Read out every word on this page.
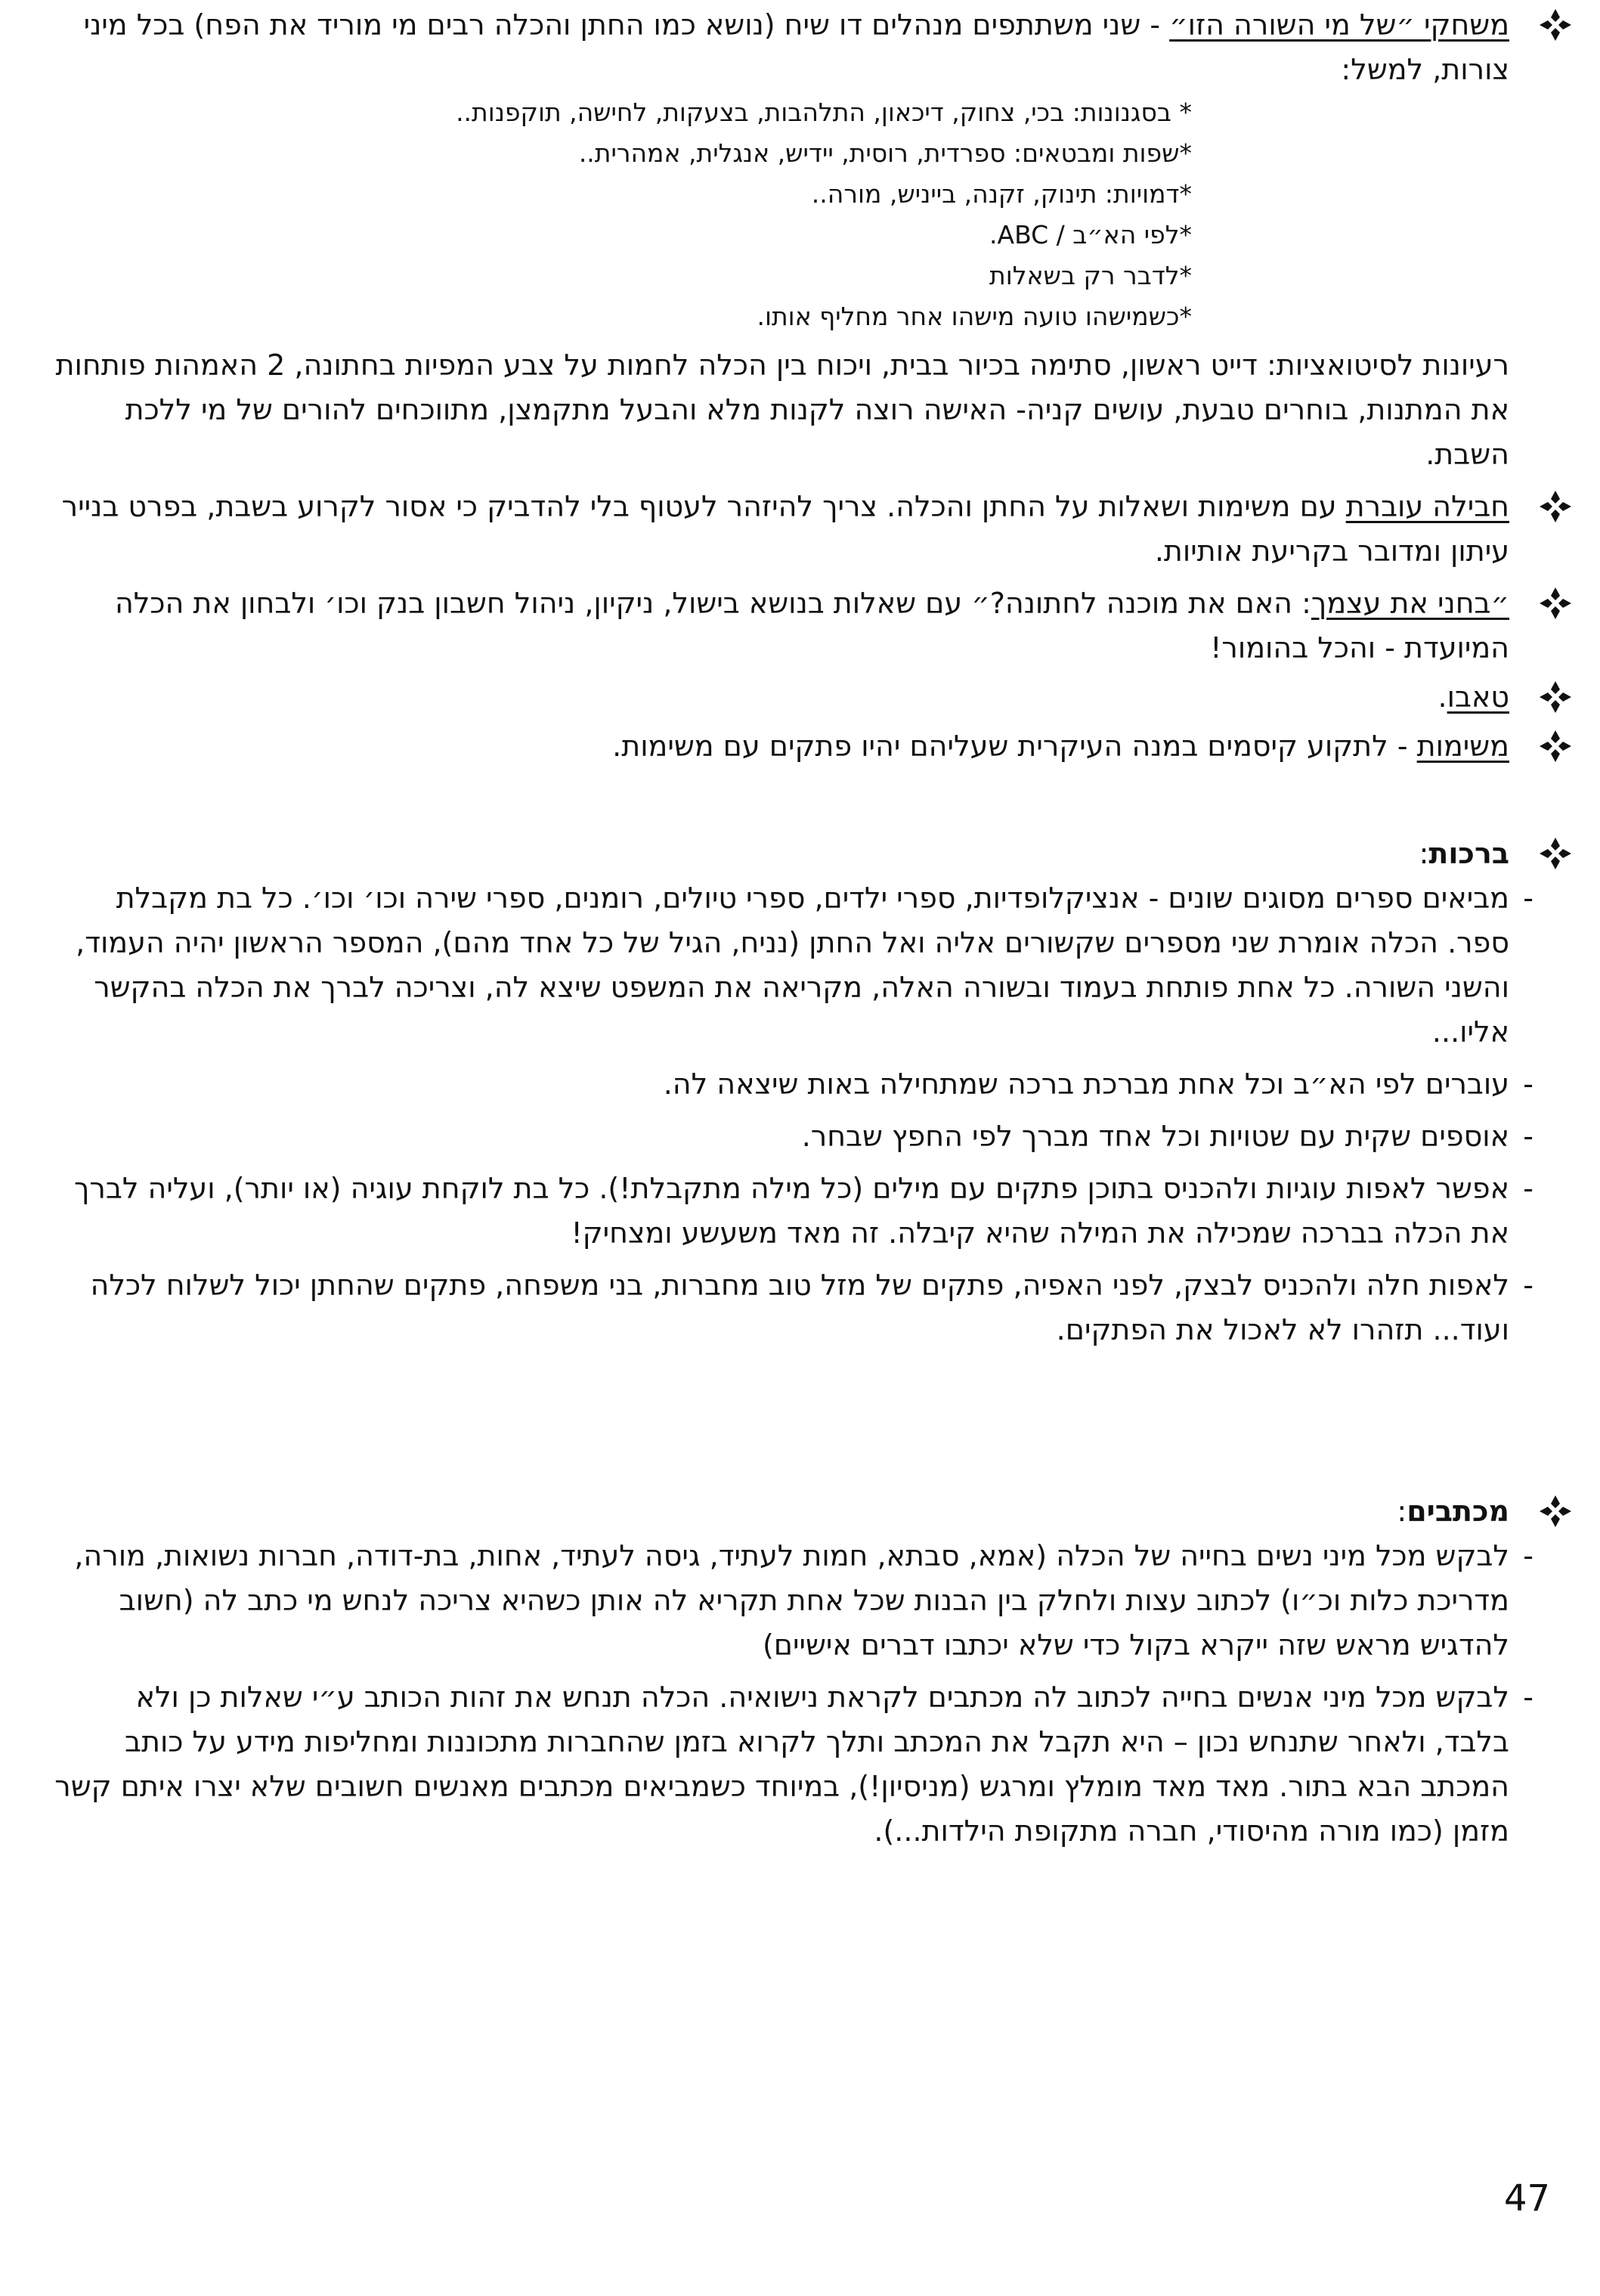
משחקי ״של מי השורה הזו״ - שני משתתפים מנהלים דו שיח (נושא כמו החתן והכלה רבים מי מוריד את הפח) בכל מיני צורות, למשל:
* בסגנונות: בכי, צחוק, דיכאון, התלהבות, בצעקות, לחישה, תוקפנות..
*שפות ומבטאים: ספרדית, רוסית, יידיש, אנגלית, אמהרית..
*דמויות: תינוק, זקנה, בייניש, מורה..
*לפי הא״ב / ABC.
*לדבר רק בשאלות
*כשמישהו טועה מישהו אחר מחליף אותו.
רעיונות לסיטואציות: דייט ראשון, סתימה בכיור בבית, ויכוח בין הכלה לחמות על צבע המפיות בחתונה, 2 האמהות פותחות את המתנות, בוחרים טבעת, עושים קניה- האישה רוצה לקנות מלא והבעל מתקמצן, מתווכחים להורים של מי ללכת השבת.
חבילה עוברת עם משימות ושאלות על החתן והכלה. צריך להיזהר לעטוף בלי להדביק כי אסור לקרוע בשבת, בפרט בנייר עיתון ומדובר בקריעת אותיות.
״בחני את עצמך: האם את מוכנה לחתונה?״ עם שאלות בנושא בישול, ניקיון, ניהול חשבון בנק וכו׳ ולבחון את הכלה המיועדת - והכל בהומור!
טאבו.
משימות - לתקוע קיסמים במנה העיקרית שעליהם יהיו פתקים עם משימות.
ברכות:
-
מביאים ספרים מסוגים שונים - אנציקלופדיות, ספרי ילדים, ספרי טיולים, רומנים, ספרי שירה וכו׳ וכו׳. כל בת מקבלת ספר. הכלה אומרת שני מספרים שקשורים אליה ואל החתן (נניח, הגיל של כל אחד מהם), המספר הראשון יהיה העמוד, והשני השורה. כל אחת פותחת בעמוד ובשורה האלה, מקריאה את המשפט שיצא לה, וצריכה לברך את הכלה בהקשר אליו...
-
עוברים לפי הא״ב וכל אחת מברכת ברכה שמתחילה באות שיצאה לה.
-
אוספים שקית עם שטויות וכל אחד מברך לפי החפץ שבחר.
-
אפשר לאפות עוגיות ולהכניס בתוכן פתקים עם מילים (כל מילה מתקבלת!). כל בת לוקחת עוגיה (או יותר), ועליה לברך את הכלה בברכה שמכילה את המילה שהיא קיבלה. זה מאד משעשע ומצחיק!
-
לאפות חלה ולהכניס לבצק, לפני האפיה, פתקים של מזל טוב מחברות, בני משפחה, פתקים שהחתן יכול לשלוח לכלה ועוד... תזהרו לא לאכול את הפתקים.
מכתבים:
-
לבקש מכל מיני נשים בחייה של הכלה (אמא, סבתא, חמות לעתיד, גיסה לעתיד, אחות, בת-דודה, חברות נשואות, מורה, מדריכת כלות וכ״ו) לכתוב עצות ולחלק בין הבנות שכל אחת תקריא לה אותן כשהיא צריכה לנחש מי כתב לה (חשוב להדגיש מראש שזה ייקרא בקול כדי שלא יכתבו דברים אישיים)
-
לבקש מכל מיני אנשים בחייה לכתוב לה מכתבים לקראת נישואיה. הכלה תנחש את זהות הכותב ע״י שאלות כן ולא בלבד, ולאחר שתנחש נכון – היא תקבל את המכתב ותלך לקרוא בזמן שהחברות מתכוננות ומחליפות מידע על כותב המכתב הבא בתור. מאד מאד מומלץ ומרגש (מניסיון!), במיוחד כשמביאים מכתבים מאנשים חשובים שלא יצרו איתם קשר מזמן (כמו מורה מהיסודי, חברה מתקופת הילדות...).
47
